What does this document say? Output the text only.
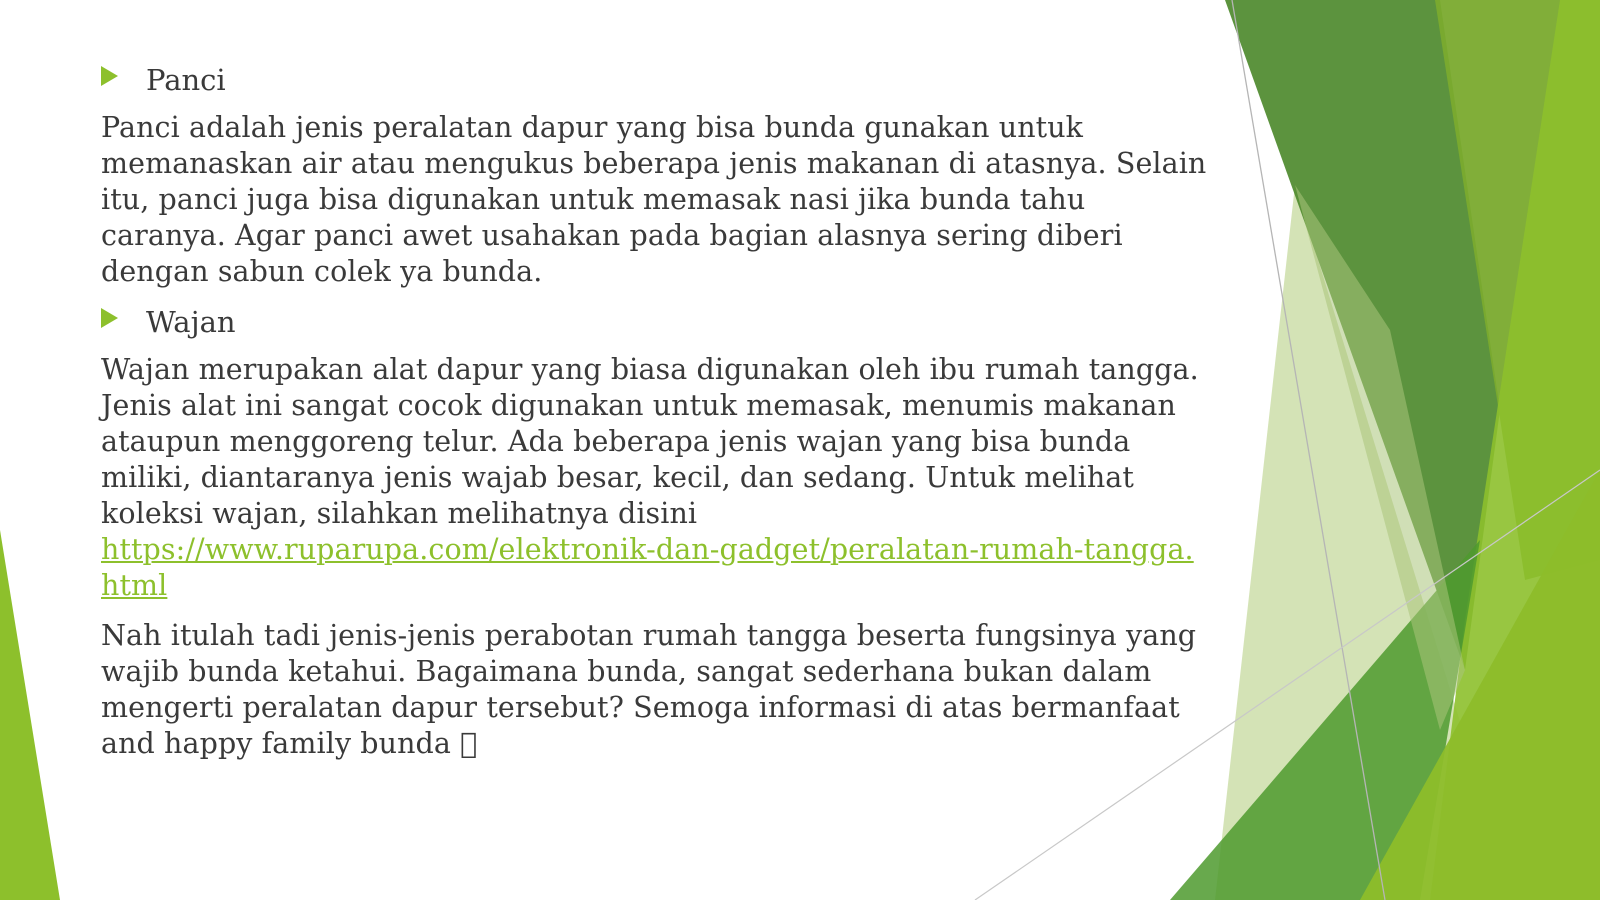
Panci

Panci adalah jenis peralatan dapur yang bisa bunda gunakan untuk memanaskan air atau mengukus beberapa jenis makanan di atasnya. Selain itu, panci juga bisa digunakan untuk memasak nasi jika bunda tahu caranya. Agar panci awet usahakan pada bagian alasnya sering diberi dengan sabun colek ya bunda.

Wajan

Wajan merupakan alat dapur yang biasa digunakan oleh ibu rumah tangga. Jenis alat ini sangat cocok digunakan untuk memasak, menumis makanan ataupun menggoreng telur. Ada beberapa jenis wajan yang bisa bunda miliki, diantaranya jenis wajab besar, kecil, dan sedang. Untuk melihat koleksi wajan, silahkan melihatnya disini
https://www.ruparupa.com/elektronik-dan-gadget/peralatan-rumah-tangga.html

Nah itulah tadi jenis-jenis perabotan rumah tangga beserta fungsinya yang wajib bunda ketahui. Bagaimana bunda, sangat sederhana bukan dalam mengerti peralatan dapur tersebut? Semoga informasi di atas bermanfaat and happy family bunda
